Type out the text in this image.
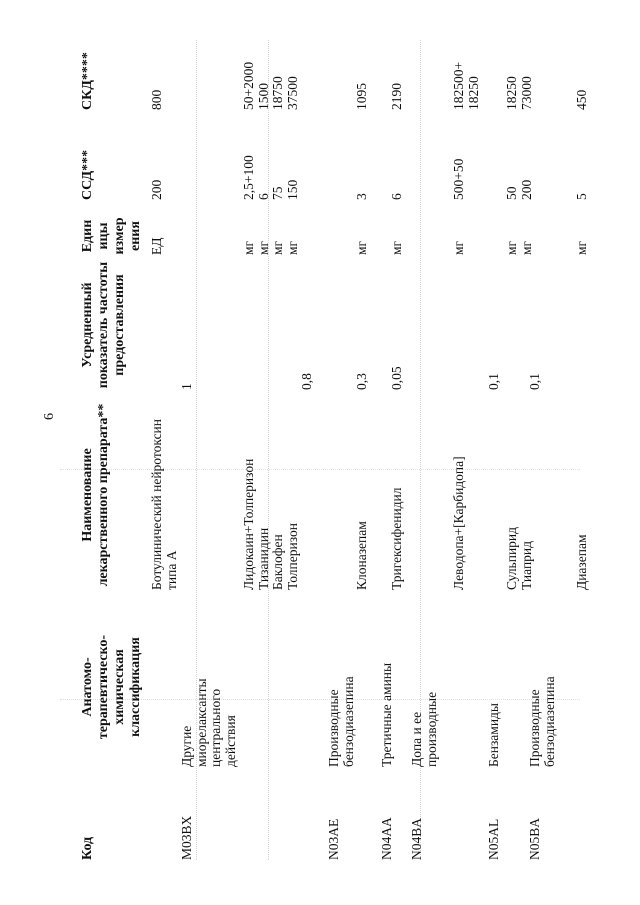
6
Код
Анатомо-терапевтическо-химическая классификация
Наименование лекарственного препарата**
Усредненный показатель частоты предоставления
Единицы измерения
ССД***
СКД****
Ботулинический нейротоксин типа А
1
ЕД
200
800
M03BX
Другие миорелаксанты центрального действия
Лидокаин+Толперизон Тизанидин Баклофен Толперизон
0,8
мг мг мг мг
2,5+100 6 75 150
50+2000 1500 18750 37500
N03AE
Производные бензодиазепина
Клоназепам
0,3
мг
3
1095
N04AA
Третичные амины
Тригексифенидил
0,05
мг
6
2190
N04BA
Допа и ее производные
Леводопа+[Карбидопа]
мг
500+50
182500+ 18250
N05AL
Бензамиды
0,1
Сульпирид Тиаприд
мг мг
50 200
18250 73000
N05BA
Производные бензодиазепина
0,1
Диазепам
мг
5
450
